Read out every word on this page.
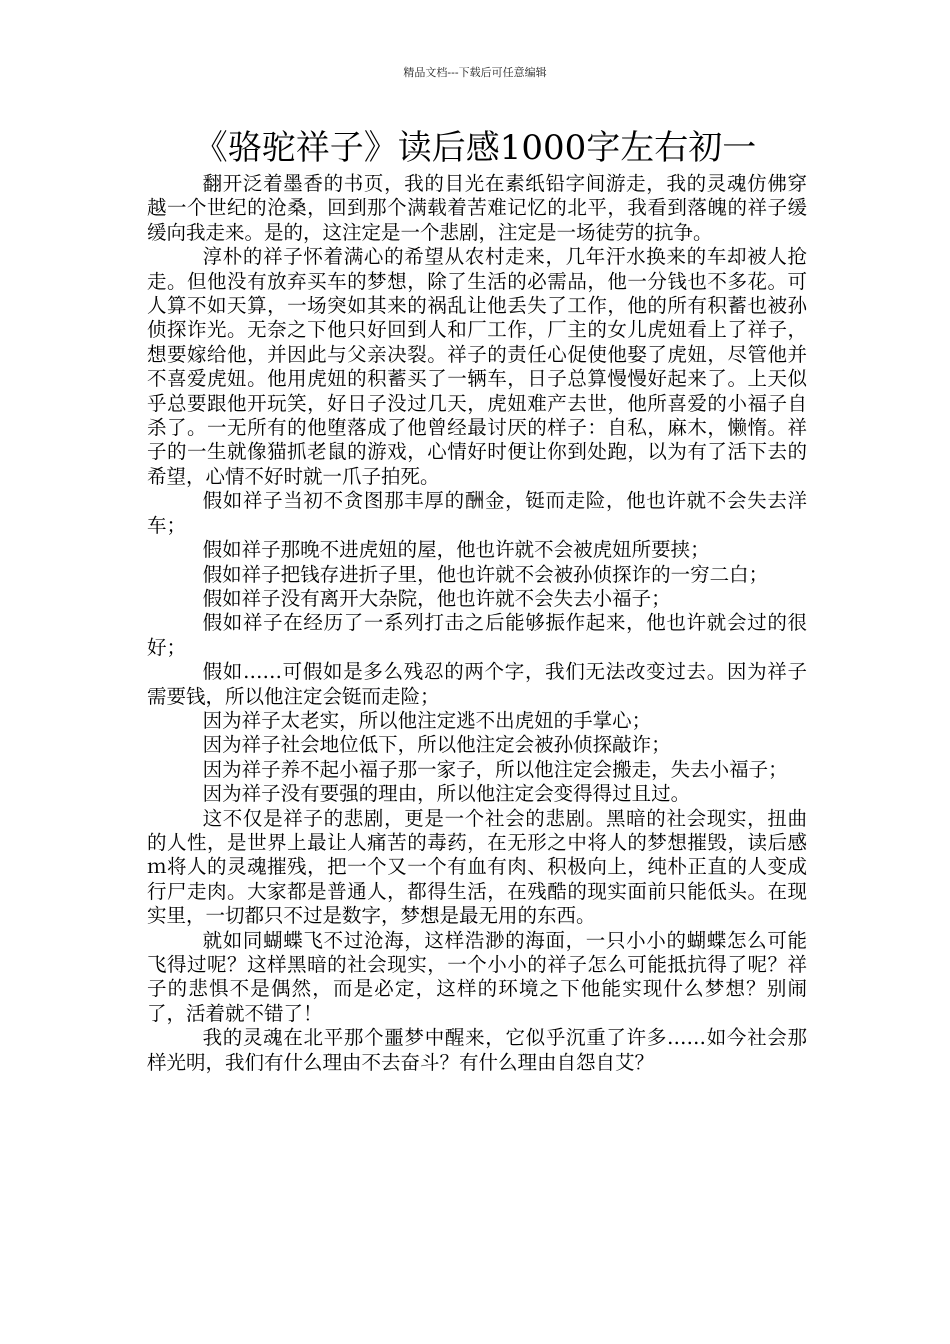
精品文档---下载后可任意编辑
《骆驼祥子》读后感1000字左右初一

翻开泛着墨香的书页，我的目光在素纸铅字间游走，我的灵魂仿佛穿越一个世纪的沧桑，回到那个满载着苦难记忆的北平，我看到落魄的祥子缓缓向我走来。是的，这注定是一个悲剧，注定是一场徒劳的抗争。

淳朴的祥子怀着满心的希望从农村走来，几年汗水换来的车却被人抢走。但他没有放弃买车的梦想，除了生活的必需品，他一分钱也不多花。可人算不如天算，一场突如其来的祸乱让他丢失了工作，他的所有积蓄也被孙侦探诈光。无奈之下他只好回到人和厂工作，厂主的女儿虎妞看上了祥子，想要嫁给他，并因此与父亲决裂。祥子的责任心促使他娶了虎妞，尽管他并不喜爱虎妞。他用虎妞的积蓄买了一辆车，日子总算慢慢好起来了。上天似乎总要跟他开玩笑，好日子没过几天，虎妞难产去世，他所喜爱的小福子自杀了。一无所有的他堕落成了他曾经最讨厌的样子：自私，麻木，懒惰。祥子的一生就像猫抓老鼠的游戏，心情好时便让你到处跑，以为有了活下去的希望，心情不好时就一爪子拍死。

假如祥子当初不贪图那丰厚的酬金，铤而走险，他也许就不会失去洋车；

假如祥子那晚不进虎妞的屋，他也许就不会被虎妞所要挟；

假如祥子把钱存进折子里，他也许就不会被孙侦探诈的一穷二白；

假如祥子没有离开大杂院，他也许就不会失去小福子；

假如祥子在经历了一系列打击之后能够振作起来，他也许就会过的很好；

假如……可假如是多么残忍的两个字，我们无法改变过去。因为祥子需要钱，所以他注定会铤而走险；

因为祥子太老实，所以他注定逃不出虎妞的手掌心；

因为祥子社会地位低下，所以他注定会被孙侦探敲诈；

因为祥子养不起小福子那一家子，所以他注定会搬走，失去小福子；

因为祥子没有要强的理由，所以他注定会变得得过且过。

这不仅是祥子的悲剧，更是一个社会的悲剧。黑暗的社会现实，扭曲的人性，是世界上最让人痛苦的毒药，在无形之中将人的梦想摧毁，读后感ｍ将人的灵魂摧残，把一个又一个有血有肉、积极向上，纯朴正直的人变成行尸走肉。大家都是普通人，都得生活，在残酷的现实面前只能低头。在现实里，一切都只不过是数字，梦想是最无用的东西。

就如同蝴蝶飞不过沧海，这样浩渺的海面，一只小小的蝴蝶怎么可能飞得过呢？这样黑暗的社会现实，一个小小的祥子怎么可能抵抗得了呢？祥子的悲惧不是偶然，而是必定，这样的环境之下他能实现什么梦想？别闹了，活着就不错了！

我的灵魂在北平那个噩梦中醒来，它似乎沉重了许多……如今社会那样光明，我们有什么理由不去奋斗？有什么理由自怨自艾？
